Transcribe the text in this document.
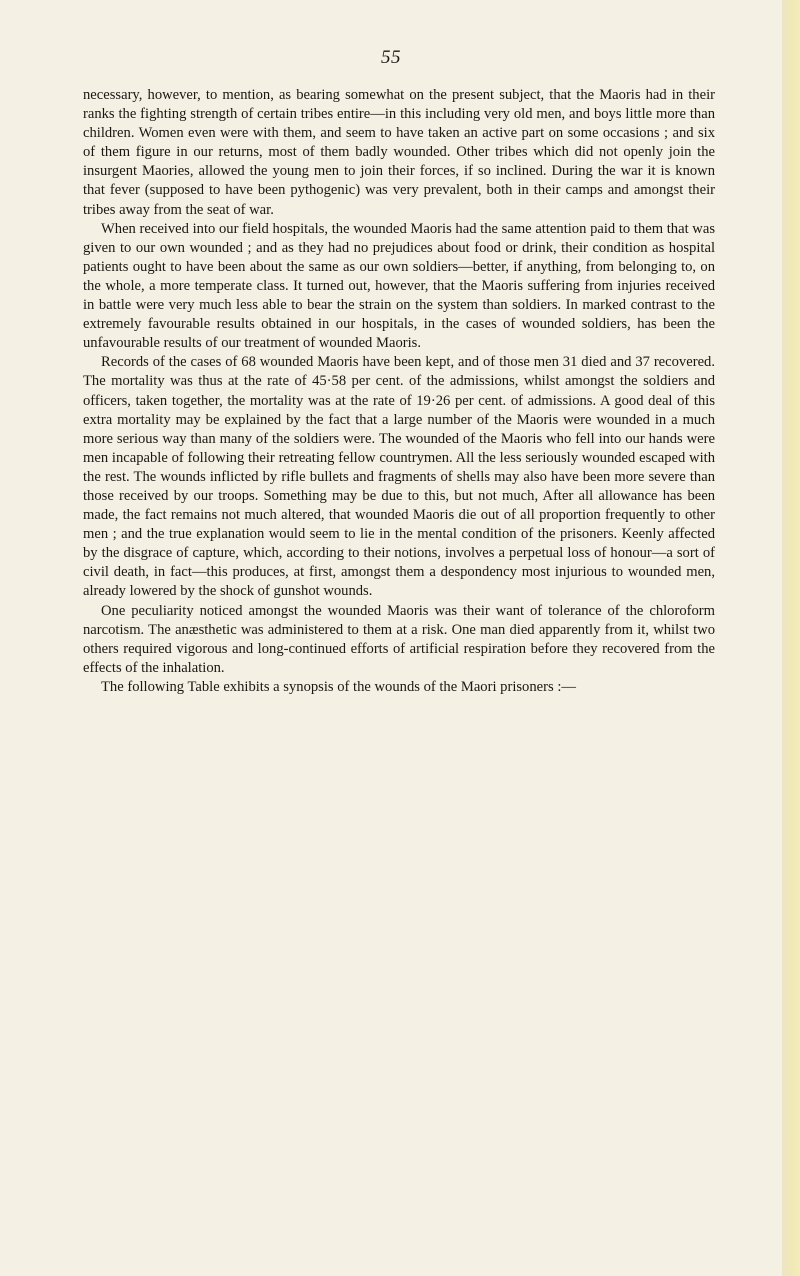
55

necessary, however, to mention, as bearing somewhat on the present subject, that the Maoris had in their ranks the fighting strength of certain tribes entire—in this including very old men, and boys little more than children. Women even were with them, and seem to have taken an active part on some occasions ; and six of them figure in our returns, most of them badly wounded. Other tribes which did not openly join the insurgent Maories, allowed the young men to join their forces, if so inclined. During the war it is known that fever (supposed to have been pythogenic) was very prevalent, both in their camps and amongst their tribes away from the seat of war.

When received into our field hospitals, the wounded Maoris had the same attention paid to them that was given to our own wounded ; and as they had no prejudices about food or drink, their condition as hospital patients ought to have been about the same as our own soldiers—better, if anything, from belonging to, on the whole, a more temperate class. It turned out, however, that the Maoris suffering from injuries received in battle were very much less able to bear the strain on the system than soldiers. In marked contrast to the extremely favourable results obtained in our hospitals, in the cases of wounded soldiers, has been the unfavourable results of our treatment of wounded Maoris.

Records of the cases of 68 wounded Maoris have been kept, and of those men 31 died and 37 recovered. The mortality was thus at the rate of 45·58 per cent. of the admissions, whilst amongst the soldiers and officers, taken together, the mortality was at the rate of 19·26 per cent. of admissions. A good deal of this extra mortality may be explained by the fact that a large number of the Maoris were wounded in a much more serious way than many of the soldiers were. The wounded of the Maoris who fell into our hands were men incapable of following their retreating fellow countrymen. All the less seriously wounded escaped with the rest. The wounds inflicted by rifle bullets and fragments of shells may also have been more severe than those received by our troops. Something may be due to this, but not much, After all allowance has been made, the fact remains not much altered, that wounded Maoris die out of all proportion frequently to other men ; and the true explanation would seem to lie in the mental condition of the prisoners. Keenly affected by the disgrace of capture, which, according to their notions, involves a perpetual loss of honour—a sort of civil death, in fact—this produces, at first, amongst them a despondency most injurious to wounded men, already lowered by the shock of gunshot wounds.

One peculiarity noticed amongst the wounded Maoris was their want of tolerance of the chloroform narcotism. The anæsthetic was administered to them at a risk. One man died apparently from it, whilst two others required vigorous and long-continued efforts of artificial respiration before they recovered from the effects of the inhalation.

The following Table exhibits a synopsis of the wounds of the Maori prisoners :—
